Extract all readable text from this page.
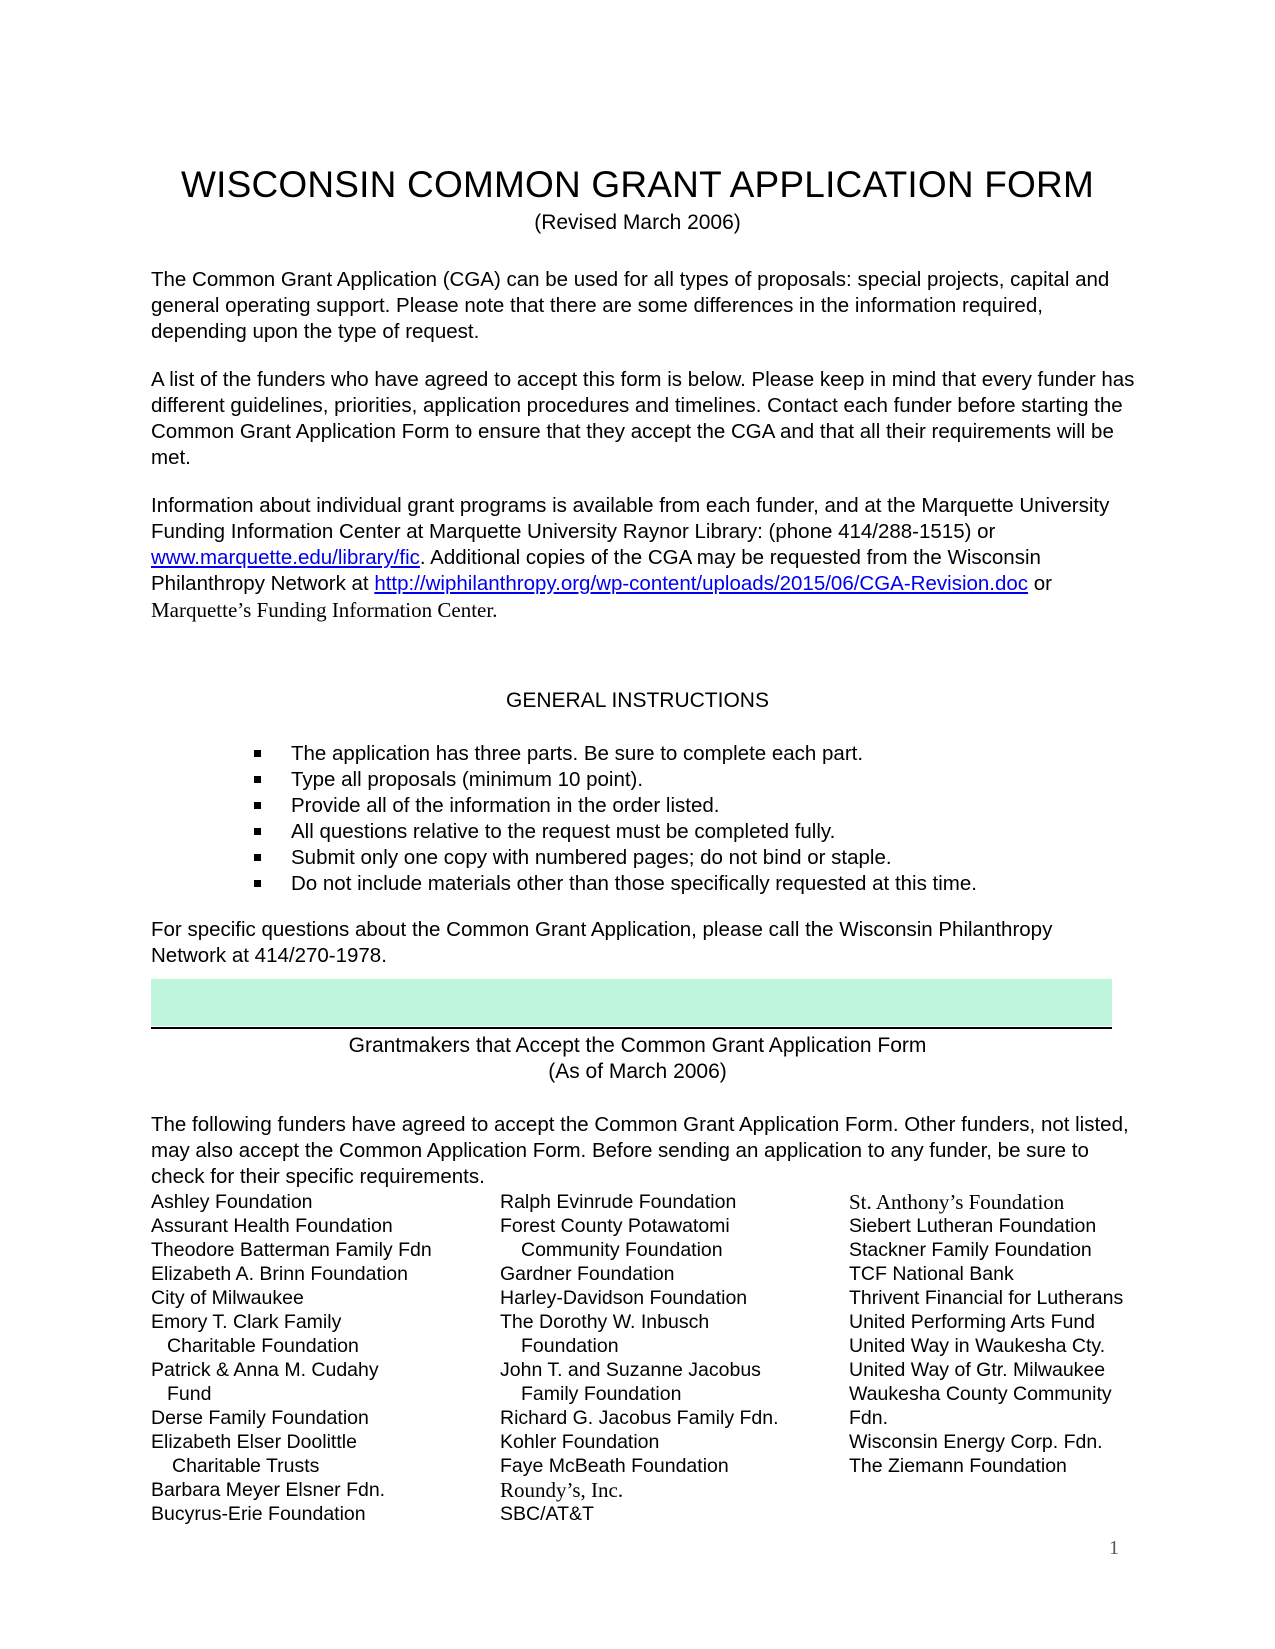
WISCONSIN COMMON GRANT APPLICATION FORM
(Revised March 2006)
The Common Grant Application (CGA) can be used for all types of proposals: special projects, capital and general operating support. Please note that there are some differences in the information required, depending upon the type of request.
A list of the funders who have agreed to accept this form is below. Please keep in mind that every funder has different guidelines, priorities, application procedures and timelines. Contact each funder before starting the Common Grant Application Form to ensure that they accept the CGA and that all their requirements will be met.
Information about individual grant programs is available from each funder, and at the Marquette University Funding Information Center at Marquette University Raynor Library: (phone 414/288-1515) or www.marquette.edu/library/fic. Additional copies of the CGA may be requested from the Wisconsin Philanthropy Network at http://wiphilanthropy.org/wp-content/uploads/2015/06/CGA-Revision.doc or Marquette’s Funding Information Center.
GENERAL INSTRUCTIONS
The application has three parts. Be sure to complete each part.
Type all proposals (minimum 10 point).
Provide all of the information in the order listed.
All questions relative to the request must be completed fully.
Submit only one copy with numbered pages; do not bind or staple.
Do not include materials other than those specifically requested at this time.
For specific questions about the Common Grant Application, please call the Wisconsin Philanthropy Network at 414/270-1978.
Grantmakers that Accept the Common Grant Application Form
(As of March 2006)
The following funders have agreed to accept the Common Grant Application Form. Other funders, not listed, may also accept the Common Application Form. Before sending an application to any funder, be sure to check for their specific requirements.
Ashley Foundation
Assurant Health Foundation
Theodore Batterman Family Fdn
Elizabeth A. Brinn Foundation
City of Milwaukee
Emory T. Clark Family
Charitable Foundation
Patrick & Anna M. Cudahy
Fund
Derse Family Foundation
Elizabeth Elser Doolittle
Charitable Trusts
Barbara Meyer Elsner Fdn.
Bucyrus-Erie Foundation
Ralph Evinrude Foundation
Forest County Potawatomi
Community Foundation
Gardner Foundation
Harley-Davidson Foundation
The Dorothy W. Inbusch
Foundation
John T. and Suzanne Jacobus
Family Foundation
Richard G. Jacobus Family Fdn.
Kohler Foundation
Faye McBeath Foundation
Roundy’s, Inc.
SBC/AT&T
St. Anthony’s Foundation
Siebert Lutheran Foundation
Stackner Family Foundation
TCF National Bank
Thrivent Financial for Lutherans
United Performing Arts Fund
United Way in Waukesha Cty.
United Way of Gtr. Milwaukee
Waukesha County Community
Fdn.
Wisconsin Energy Corp. Fdn.
The Ziemann Foundation
1
